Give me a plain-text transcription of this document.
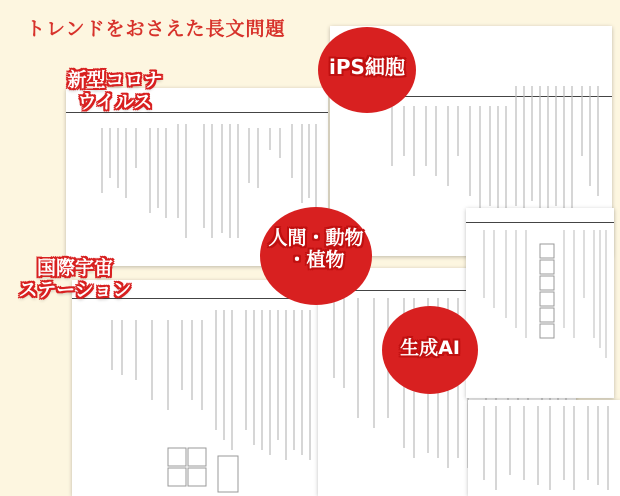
トレンドをおさえた長文問題
新型コロナ
ウイルス
iPS細胞
人間・動物
・植物
国際宇宙
ステーション
生成AI
